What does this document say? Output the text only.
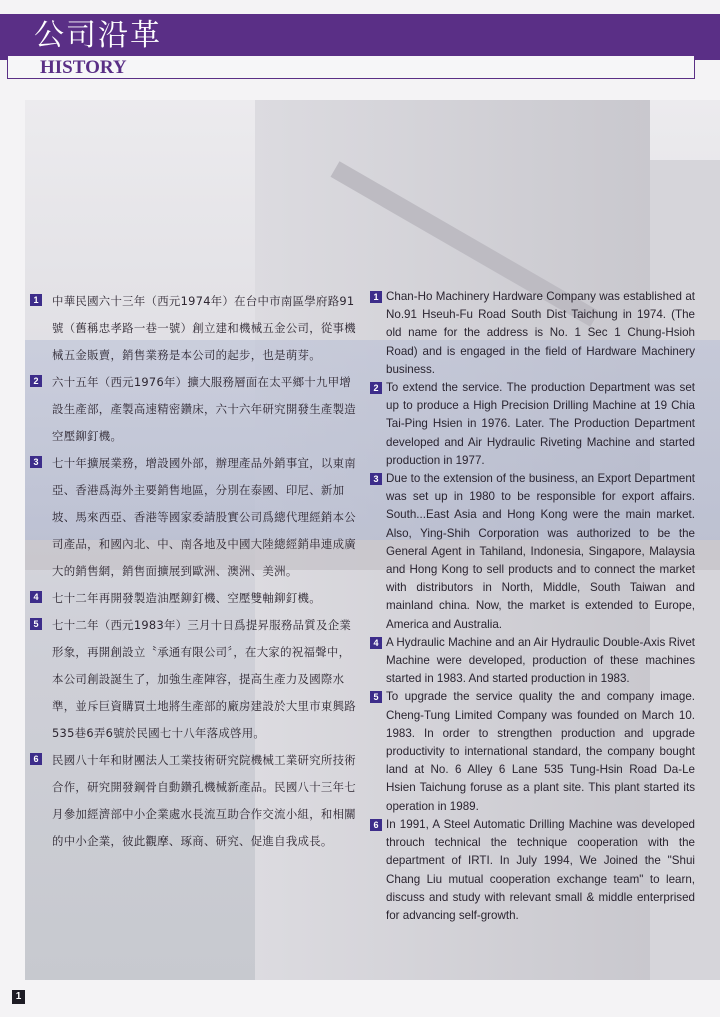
公司沿革
HISTORY
1	中華民國六十三年（西元1974年）在台中市南區學府路91號（舊稱忠孝路一巷一號）創立建和機械五金公司，從事機械五金販賣，銷售業務是本公司的起步，也是萌芽。
2	六十五年（西元1976年）擴大服務層面在太平鄉十九甲增設生產部，產製高速精密鑽床，六十六年研究開發生產製造空壓鉚釘機。
3	七十年擴展業務，增設國外部，辦理產品外銷事宜，以東南亞、香港爲海外主要銷售地區，分別在泰國、印尼、新加坡、馬來西亞、香港等國家委請股實公司爲總代理經銷本公司產品，和國內北、中、南各地及中國大陸總經銷串連成廣大的銷售網，銷售面擴展到歐洲、澳洲、美洲。
4	七十二年再開發製造油壓鉚釘機、空壓雙軸鉚釘機。
5	七十二年（西元1983年）三月十日爲提昇服務品質及企業形象，再開創設立〝承通有限公司〞，在大家的祝福聲中，本公司創設誕生了，加強生產陣容，提高生產力及國際水準，並斥巨資購買土地將生產部的廠房建設於大里市東興路535巷6弄6號於民國七十八年落成啓用。
6	民國八十年和財團法人工業技術研究院機械工業研究所技術合作，研究開發鋼骨自動鑽孔機械新產品。民國八十三年七月參加經濟部中小企業處水長流互助合作交流小組，和相關的中小企業，彼此觀摩、琢商、研究、促進自我成長。
1 Chan-Ho Machinery Hardware Company was established at No.91 Hseuh-Fu Road South Dist Taichung in 1974. (The old name for the address is No. 1 Sec 1 Chung-Hsioh Road) and is engaged in the field of Hardware Machinery business.
2 To extend the service. The production Department was set up to produce a High Precision Drilling Machine at 19 Chia Tai-Ping Hsien in 1976. Later. The Production Department developed and Air Hydraulic Riveting Machine and started production in 1977.
3 Due to the extension of the business, an Export Department was set up in 1980 to be responsible for export affairs. South...East Asia and Hong Kong were the main market. Also, Ying-Shih Corporation was authorized to be the General Agent in Tahiland, Indonesia, Singapore, Malaysia and Hong Kong to sell products and to connect the market with distributors in North, Middle, South Taiwan and mainland china. Now, the market is extended to Europe, America and Australia.
4 A Hydraulic Machine and an Air Hydraulic Double-Axis Rivet Machine were developed, production of these machines started in 1983. And started production in 1983.
5 To upgrade the service quality the and company image. Cheng-Tung Limited Company was founded on March 10. 1983. In order to strengthen production and upgrade productivity to international standard, the company bought land at No. 6 Alley 6 Lane 535 Tung-Hsin Road Da-Le Hsien Taichung foruse as a plant site. This plant started its operation in 1989.
6 In 1991, A Steel Automatic Drilling Machine was developed throuch technical the technique cooperation with the department of IRTI. In July 1994, We Joined the "Shui Chang Liu mutual cooperation exchange team" to learn, discuss and study with relevant small & middle enterprised for advancing self-growth.
1
